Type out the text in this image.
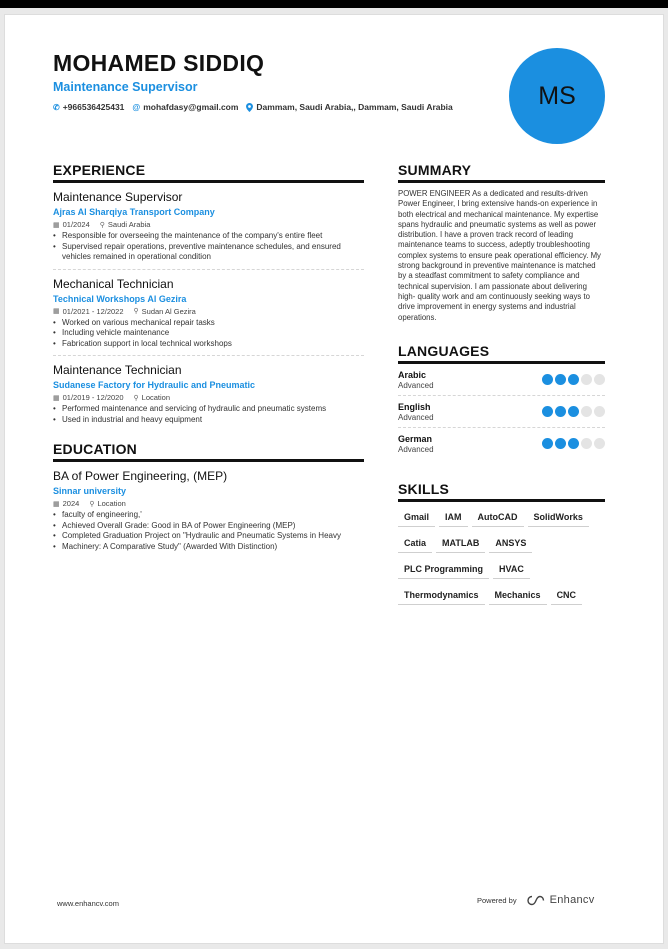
MOHAMED SIDDIQ
Maintenance Supervisor
✆ +966536425431 @ mohafdasy@gmail.com Dammam, Saudi Arabia,, Dammam, Saudi Arabia	MS
EXPERIENCE
Maintenance Supervisor
Ajras Al Sharqiya Transport Company
▦ 01/2024 ⚲ Saudi Arabia
• Responsible for overseeing the maintenance of the company's entire fleet
• Supervised repair operations, preventive maintenance schedules, and ensured vehicles remained in operational condition
Mechanical Technician
Technical Workshops Al Gezira
▦ 01/2021 - 12/2022 ⚲ Sudan Al Gezira
• Worked on various mechanical repair tasks
• Including vehicle maintenance
• Fabrication support in local technical workshops
Maintenance Technician
Sudanese Factory for Hydraulic and Pneumatic
▦ 01/2019 - 12/2020 ⚲ Location
• Performed maintenance and servicing of hydraulic and pneumatic systems
• Used in industrial and heavy equipment
EDUCATION
BA of Power Engineering, (MEP)
Sinnar university
▦ 2024 ⚲ Location
• faculty of engineering,'
• Achieved Overall Grade: Good in BA of Power Engineering (MEP)
• Completed Graduation Project on "Hydraulic and Pneumatic Systems in Heavy
• Machinery: A Comparative Study" (Awarded With Distinction)
SUMMARY
POWER ENGINEER As a dedicated and results-driven Power Engineer, I bring extensive hands-on experience in both electrical and mechanical maintenance. My expertise spans hydraulic and pneumatic systems as well as power distribution. I have a proven track record of leading maintenance teams to success, adeptly troubleshooting complex systems to ensure peak operational efficiency. My strong background in preventive maintenance is matched by a steadfast commitment to safety compliance and technical supervision. I am passionate about delivering high- quality work and am continuously seeking ways to drive improvement in energy systems and industrial operations.
LANGUAGES
Arabic
Advanced
English
Advanced
German
Advanced
SKILLS
Gmail	IAM	AutoCAD	SolidWorks
Catia	MATLAB	ANSYS
PLC Programming	HVAC
Thermodynamics	Mechanics	CNC
www.enhancv.com	Powered by	Enhancv
